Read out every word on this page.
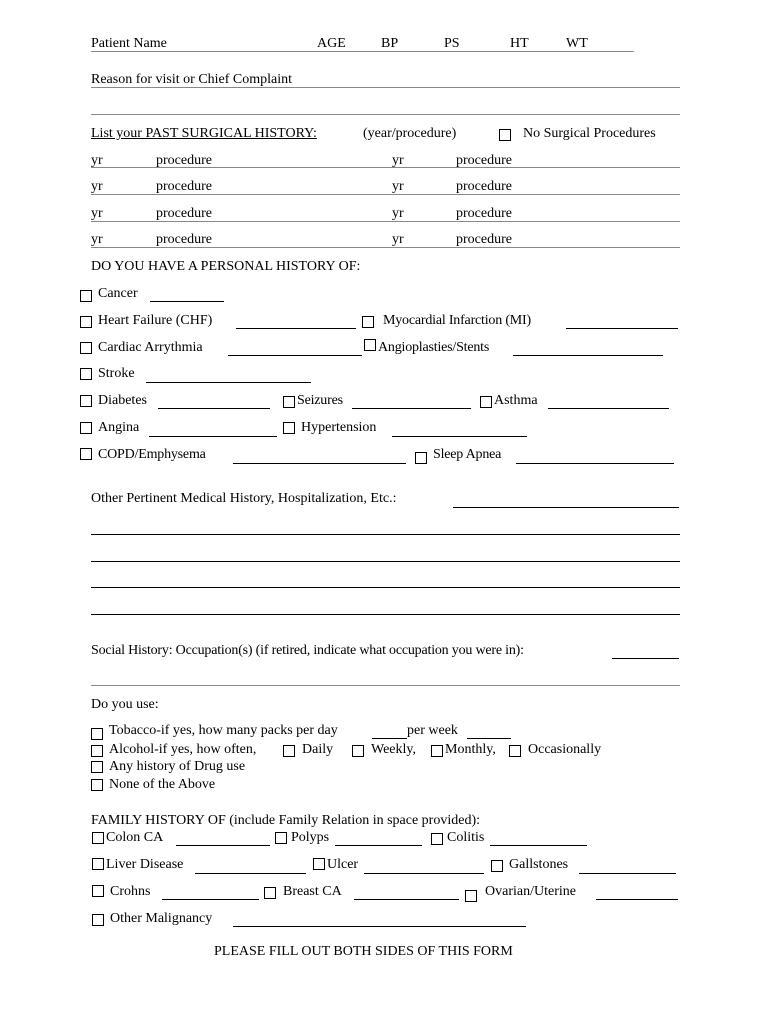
Patient Name	AGE	BP	PS	HT	WT
Reason for visit or Chief Complaint
List your PAST SURGICAL HISTORY:	(year/procedure)	No Surgical Procedures
yr	procedure	yr	procedure
yr	procedure	yr	procedure
yr	procedure	yr	procedure
yr	procedure	yr	procedure
DO YOU HAVE A PERSONAL HISTORY OF:
Cancer
Heart Failure (CHF)	Myocardial Infarction (MI)
Cardiac Arrythmia	Angioplasties/Stents
Stroke
Diabetes	Seizures	Asthma
Angina	Hypertension
COPD/Emphysema	Sleep Apnea
Other Pertinent Medical History, Hospitalization, Etc.:
Social History: Occupation(s) (if retired, indicate what occupation you were in):
Do you use:
Tobacco-if yes, how many packs per day	per week
Alcohol-if yes, how often,	Daily	Weekly, Monthly, Occasionally
Any history of Drug use
None of the Above
FAMILY HISTORY OF (include Family Relation in space provided):
Colon CA	Polyps	Colitis
Liver Disease	Ulcer	Gallstones
Crohns	Breast CA	Ovarian/Uterine
Other Malignancy
PLEASE FILL OUT BOTH SIDES OF THIS FORM
